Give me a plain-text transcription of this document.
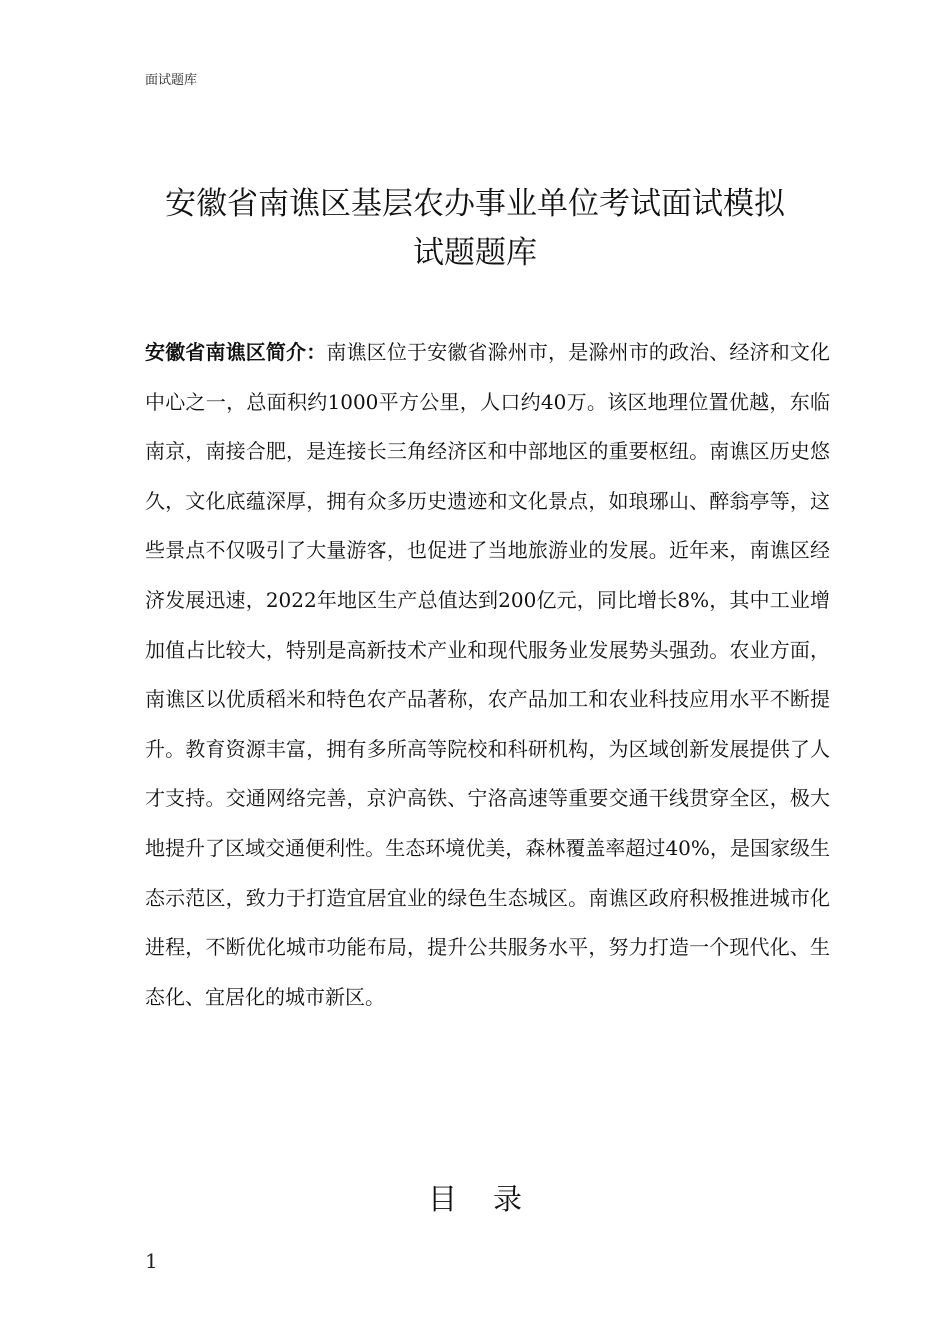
面试题库
安徽省南谯区基层农办事业单位考试面试模拟
试题题库
安徽省南谯区简介：南谯区位于安徽省滁州市，是滁州市的政治、经济和文化中心之一，总面积约1000平方公里，人口约40万。该区地理位置优越，东临南京，南接合肥，是连接长三角经济区和中部地区的重要枢纽。南谯区历史悠久，文化底蕴深厚，拥有众多历史遗迹和文化景点，如琅琊山、醉翁亭等，这些景点不仅吸引了大量游客，也促进了当地旅游业的发展。近年来，南谯区经济发展迅速，2022年地区生产总值达到200亿元，同比增长8%，其中工业增加值占比较大，特别是高新技术产业和现代服务业发展势头强劲。农业方面，南谯区以优质稻米和特色农产品著称，农产品加工和农业科技应用水平不断提升。教育资源丰富，拥有多所高等院校和科研机构，为区域创新发展提供了人才支持。交通网络完善，京沪高铁、宁洛高速等重要交通干线贯穿全区，极大地提升了区域交通便利性。生态环境优美，森林覆盖率超过40%，是国家级生态示范区，致力于打造宜居宜业的绿色生态城区。南谯区政府积极推进城市化进程，不断优化城市功能布局，提升公共服务水平，努力打造一个现代化、生态化、宜居化的城市新区。
目录
1
